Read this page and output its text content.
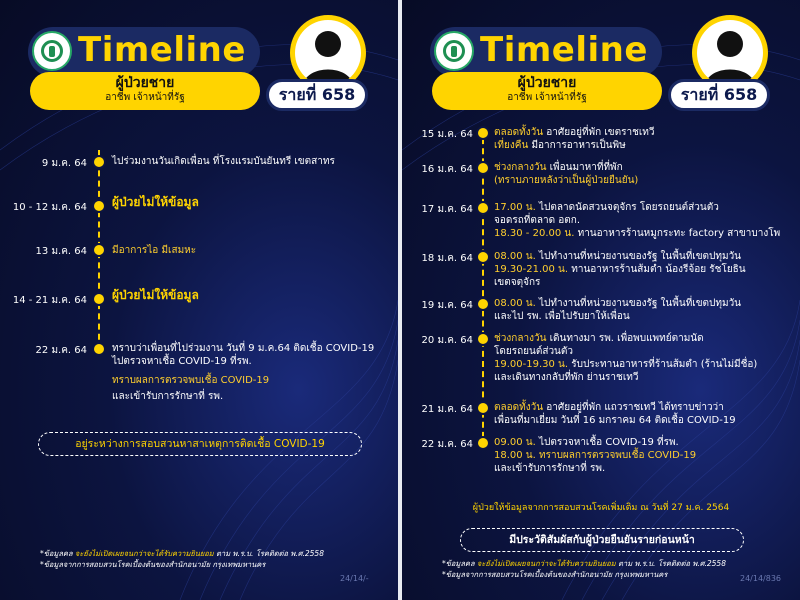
Timeline
ผู้ป่วยชาย
อาชีพ เจ้าหน้าที่รัฐ	รายที่ 658
9 ม.ค. 64	ไปร่วมงานวันเกิดเพื่อน ที่โรงแรมบันยันทรี เขตสาทร
10 - 12 ม.ค. 64 ผู้ป่วยไม่ให้ข้อมูล
13 ม.ค. 64	มีอาการไอ มีเสมหะ
14 - 21 ม.ค. 64 ผู้ป่วยไม่ให้ข้อมูล
22 ม.ค. 64	ทราบว่าเพื่อนที่ไปร่วมงาน วันที่ 9 ม.ค.64 ติดเชื้อ COVID-19
ไปตรวจหาเชื้อ COVID-19 ที่รพ.
ทราบผลการตรวจพบเชื้อ COVID-19
และเข้ารับการรักษาที่ รพ.
อยู่ระหว่างการสอบสวนหาสาเหตุการติดเชื้อ COVID-19
*ข้อมูลคล จะยังไม่เปิดเผยจนกว่าจะได้รับความยินยอม ตาม พ.ร.บ. โรคติดต่อ พ.ศ.2558
*ข้อมูลจากการสอบสวนโรคเบื้องต้นของสำนักอนามัย กรุงเทพมหานคร
24/14/-
Timeline
ผู้ป่วยชาย
อาชีพ เจ้าหน้าที่รัฐ	รายที่ 658
15 ม.ค. 64 ตลอดทั้งวัน อาศัยอยู่ที่พัก เขตราชเทวี
เที่ยงคืน มีอาการอาหารเป็นพิษ
16 ม.ค. 64 ช่วงกลางวัน เพื่อนมาหาที่ที่พัก
(ทราบภายหลังว่าเป็นผู้ป่วยยืนยัน)
17 ม.ค. 64 17.00 น. ไปตลาดนัดสวนจตุจักร โดยรถยนต์ส่วนตัว
จอดรถที่ตลาด อตก.
18.30 - 20.00 น. ทานอาหารร้านหมูกระทะ factory สาขาบางโพ
18 ม.ค. 64 08.00 น. ไปทำงานที่หน่วยงานของรัฐ ในพื้นที่เขตปทุมวัน
19.30-21.00 น. ทานอาหารร้านส้มตำ น้องรีจ้อย รัชโยธิน
เขตจตุจักร
19 ม.ค. 64 08.00 น. ไปทำงานที่หน่วยงานของรัฐ ในพื้นที่เขตปทุมวัน
และไป รพ. เพื่อไปรับยาให้เพื่อน
20 ม.ค. 64 ช่วงกลางวัน เดินทางมา รพ. เพื่อพบแพทย์ตามนัด
โดยรถยนต์ส่วนตัว
19.00-19.30 น. รับประทานอาหารที่ร้านส้มตำ (ร้านไม่มีชื่อ)
และเดินทางกลับที่พัก ย่านราชเทวี
21 ม.ค. 64 ตลอดทั้งวัน อาศัยอยู่ที่พัก แถวราชเทวี ได้ทราบข่าวว่า
เพื่อนที่มาเยี่ยม วันที่ 16 มกราคม 64 ติดเชื้อ COVID-19
22 ม.ค. 64 09.00 น. ไปตรวจหาเชื้อ COVID-19 ที่รพ.
18.00 น. ทราบผลการตรวจพบเชื้อ COVID-19
และเข้ารับการรักษาที่ รพ.
ผู้ป่วยให้ข้อมูลจากการสอบสวนโรคเพิ่มเติม ณ วันที่ 27 ม.ค. 2564
มีประวัติสัมผัสกับผู้ป่วยยืนยันรายก่อนหน้า
*ข้อมูลคล จะยังไม่เปิดเผยจนกว่าจะได้รับความยินยอม ตาม พ.ร.บ. โรคติดต่อ พ.ศ.2558
*ข้อมูลจากการสอบสวนโรคเบื้องต้นของสำนักอนามัย กรุงเทพมหานคร	24/14/836
